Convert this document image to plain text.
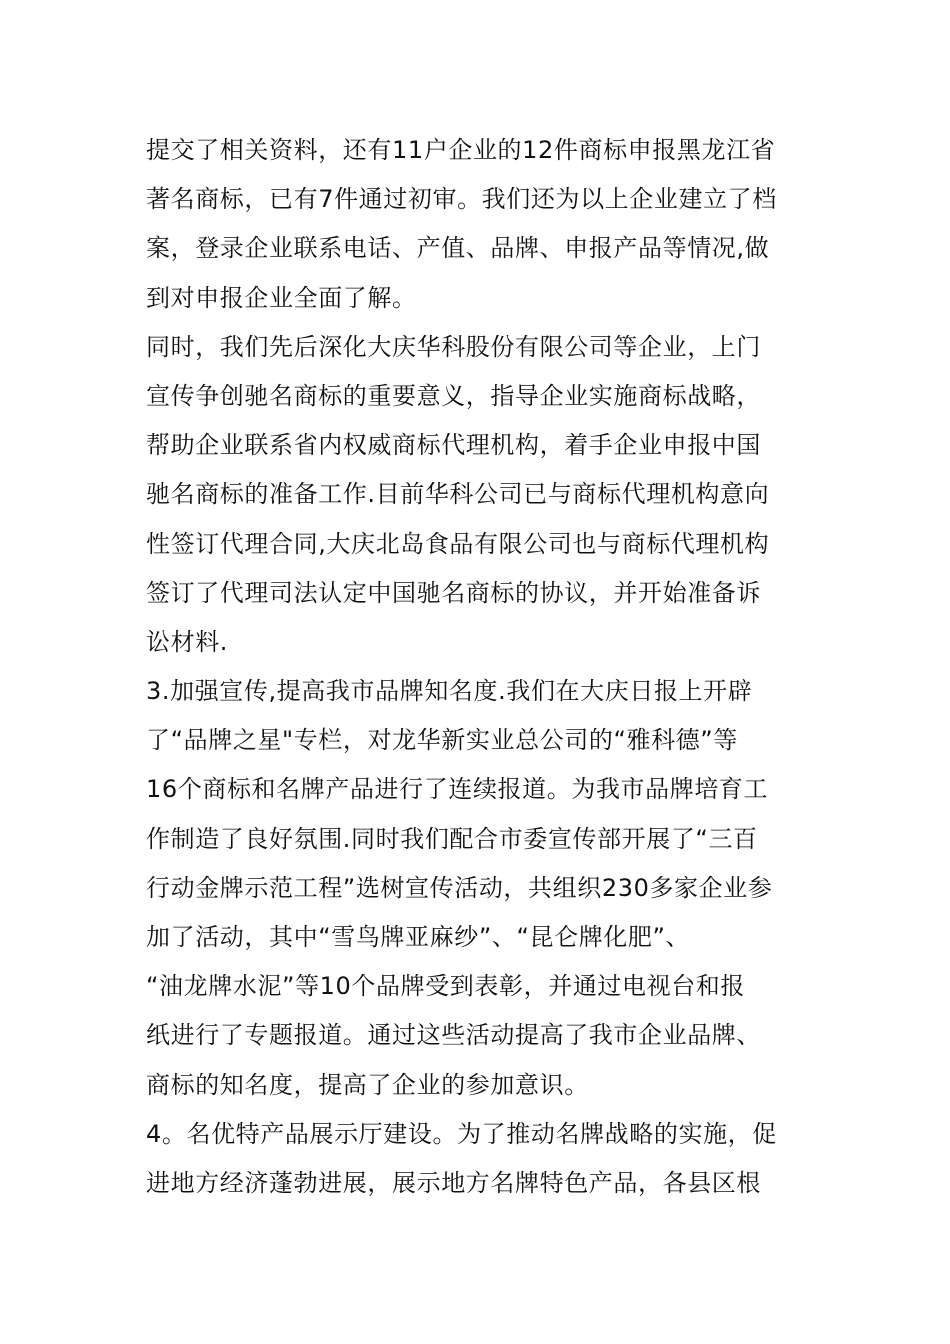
提交了相关资料，还有11户企业的12件商标申报黑龙江省
著名商标，已有7件通过初审。我们还为以上企业建立了档
案，登录企业联系电话、产值、品牌、申报产品等情况,做
到对申报企业全面了解。
同时，我们先后深化大庆华科股份有限公司等企业，上门
宣传争创驰名商标的重要意义，指导企业实施商标战略，
帮助企业联系省内权威商标代理机构，着手企业申报中国
驰名商标的准备工作.目前华科公司已与商标代理机构意向
性签订代理合同,大庆北岛食品有限公司也与商标代理机构
签订了代理司法认定中国驰名商标的协议，并开始准备诉
讼材料.
3.加强宣传,提高我市品牌知名度.我们在大庆日报上开辟
了“品牌之星"专栏，对龙华新实业总公司的“雅科德”等
16个商标和名牌产品进行了连续报道。为我市品牌培育工
作制造了良好氛围.同时我们配合市委宣传部开展了“三百
行动金牌示范工程”选树宣传活动，共组织230多家企业参
加了活动，其中“雪鸟牌亚麻纱”、“昆仑牌化肥”、
“油龙牌水泥”等10个品牌受到表彰，并通过电视台和报
纸进行了专题报道。通过这些活动提高了我市企业品牌、
商标的知名度，提高了企业的参加意识。
4。名优特产品展示厅建设。为了推动名牌战略的实施，促
进地方经济蓬勃进展，展示地方名牌特色产品，各县区根
